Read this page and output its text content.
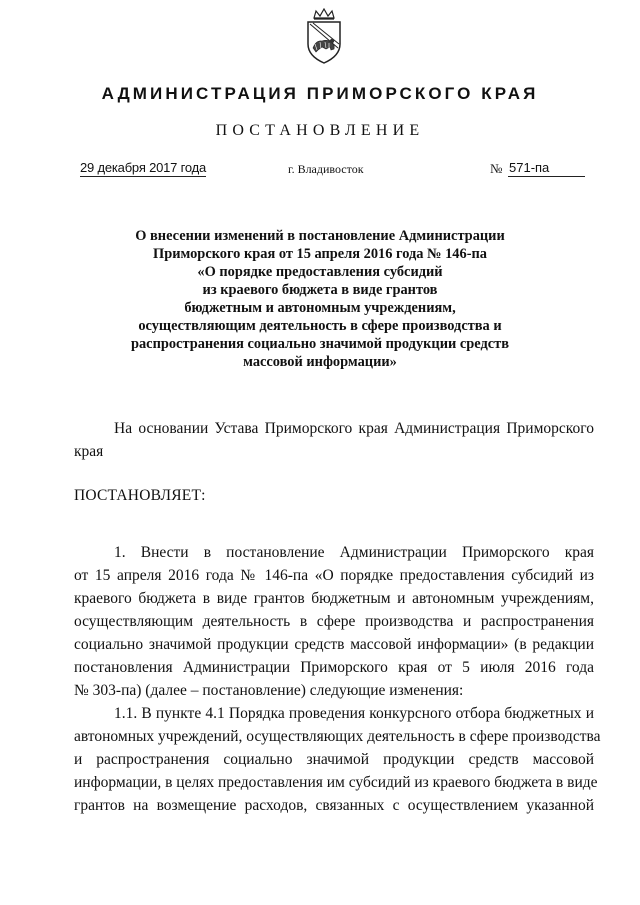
АДМИНИСТРАЦИЯ ПРИМОРСКОГО КРАЯ
ПОСТАНОВЛЕНИЕ
29 декабря 2017 года	г. Владивосток	№ 571-па
О внесении изменений в постановление Администрации
Приморского края от 15 апреля 2016 года № 146-па
«О порядке предоставления субсидий
из краевого бюджета в виде грантов
бюджетным и автономным учреждениям,
осуществляющим деятельность в сфере производства и
распространения социально значимой продукции средств
массовой информации»
На основании Устава Приморского края Администрация Приморского
края
ПОСТАНОВЛЯЕТ:
1. Внести в постановление Администрации Приморского края
от 15 апреля 2016 года № 146-па «О порядке предоставления субсидий из
краевого бюджета в виде грантов бюджетным и автономным учреждениям,
осуществляющим деятельность в сфере производства и распространения
социально значимой продукции средств массовой информации» (в редакции
постановления Администрации Приморского края от 5 июля 2016 года
№ 303-па) (далее – постановление) следующие изменения:
1.1. В пункте 4.1 Порядка проведения конкурсного отбора бюджетных и
автономных учреждений, осуществляющих деятельность в сфере производства
и распространения социально значимой продукции средств массовой
информации, в целях предоставления им субсидий из краевого бюджета в виде
грантов на возмещение расходов, связанных с осуществлением указанной
